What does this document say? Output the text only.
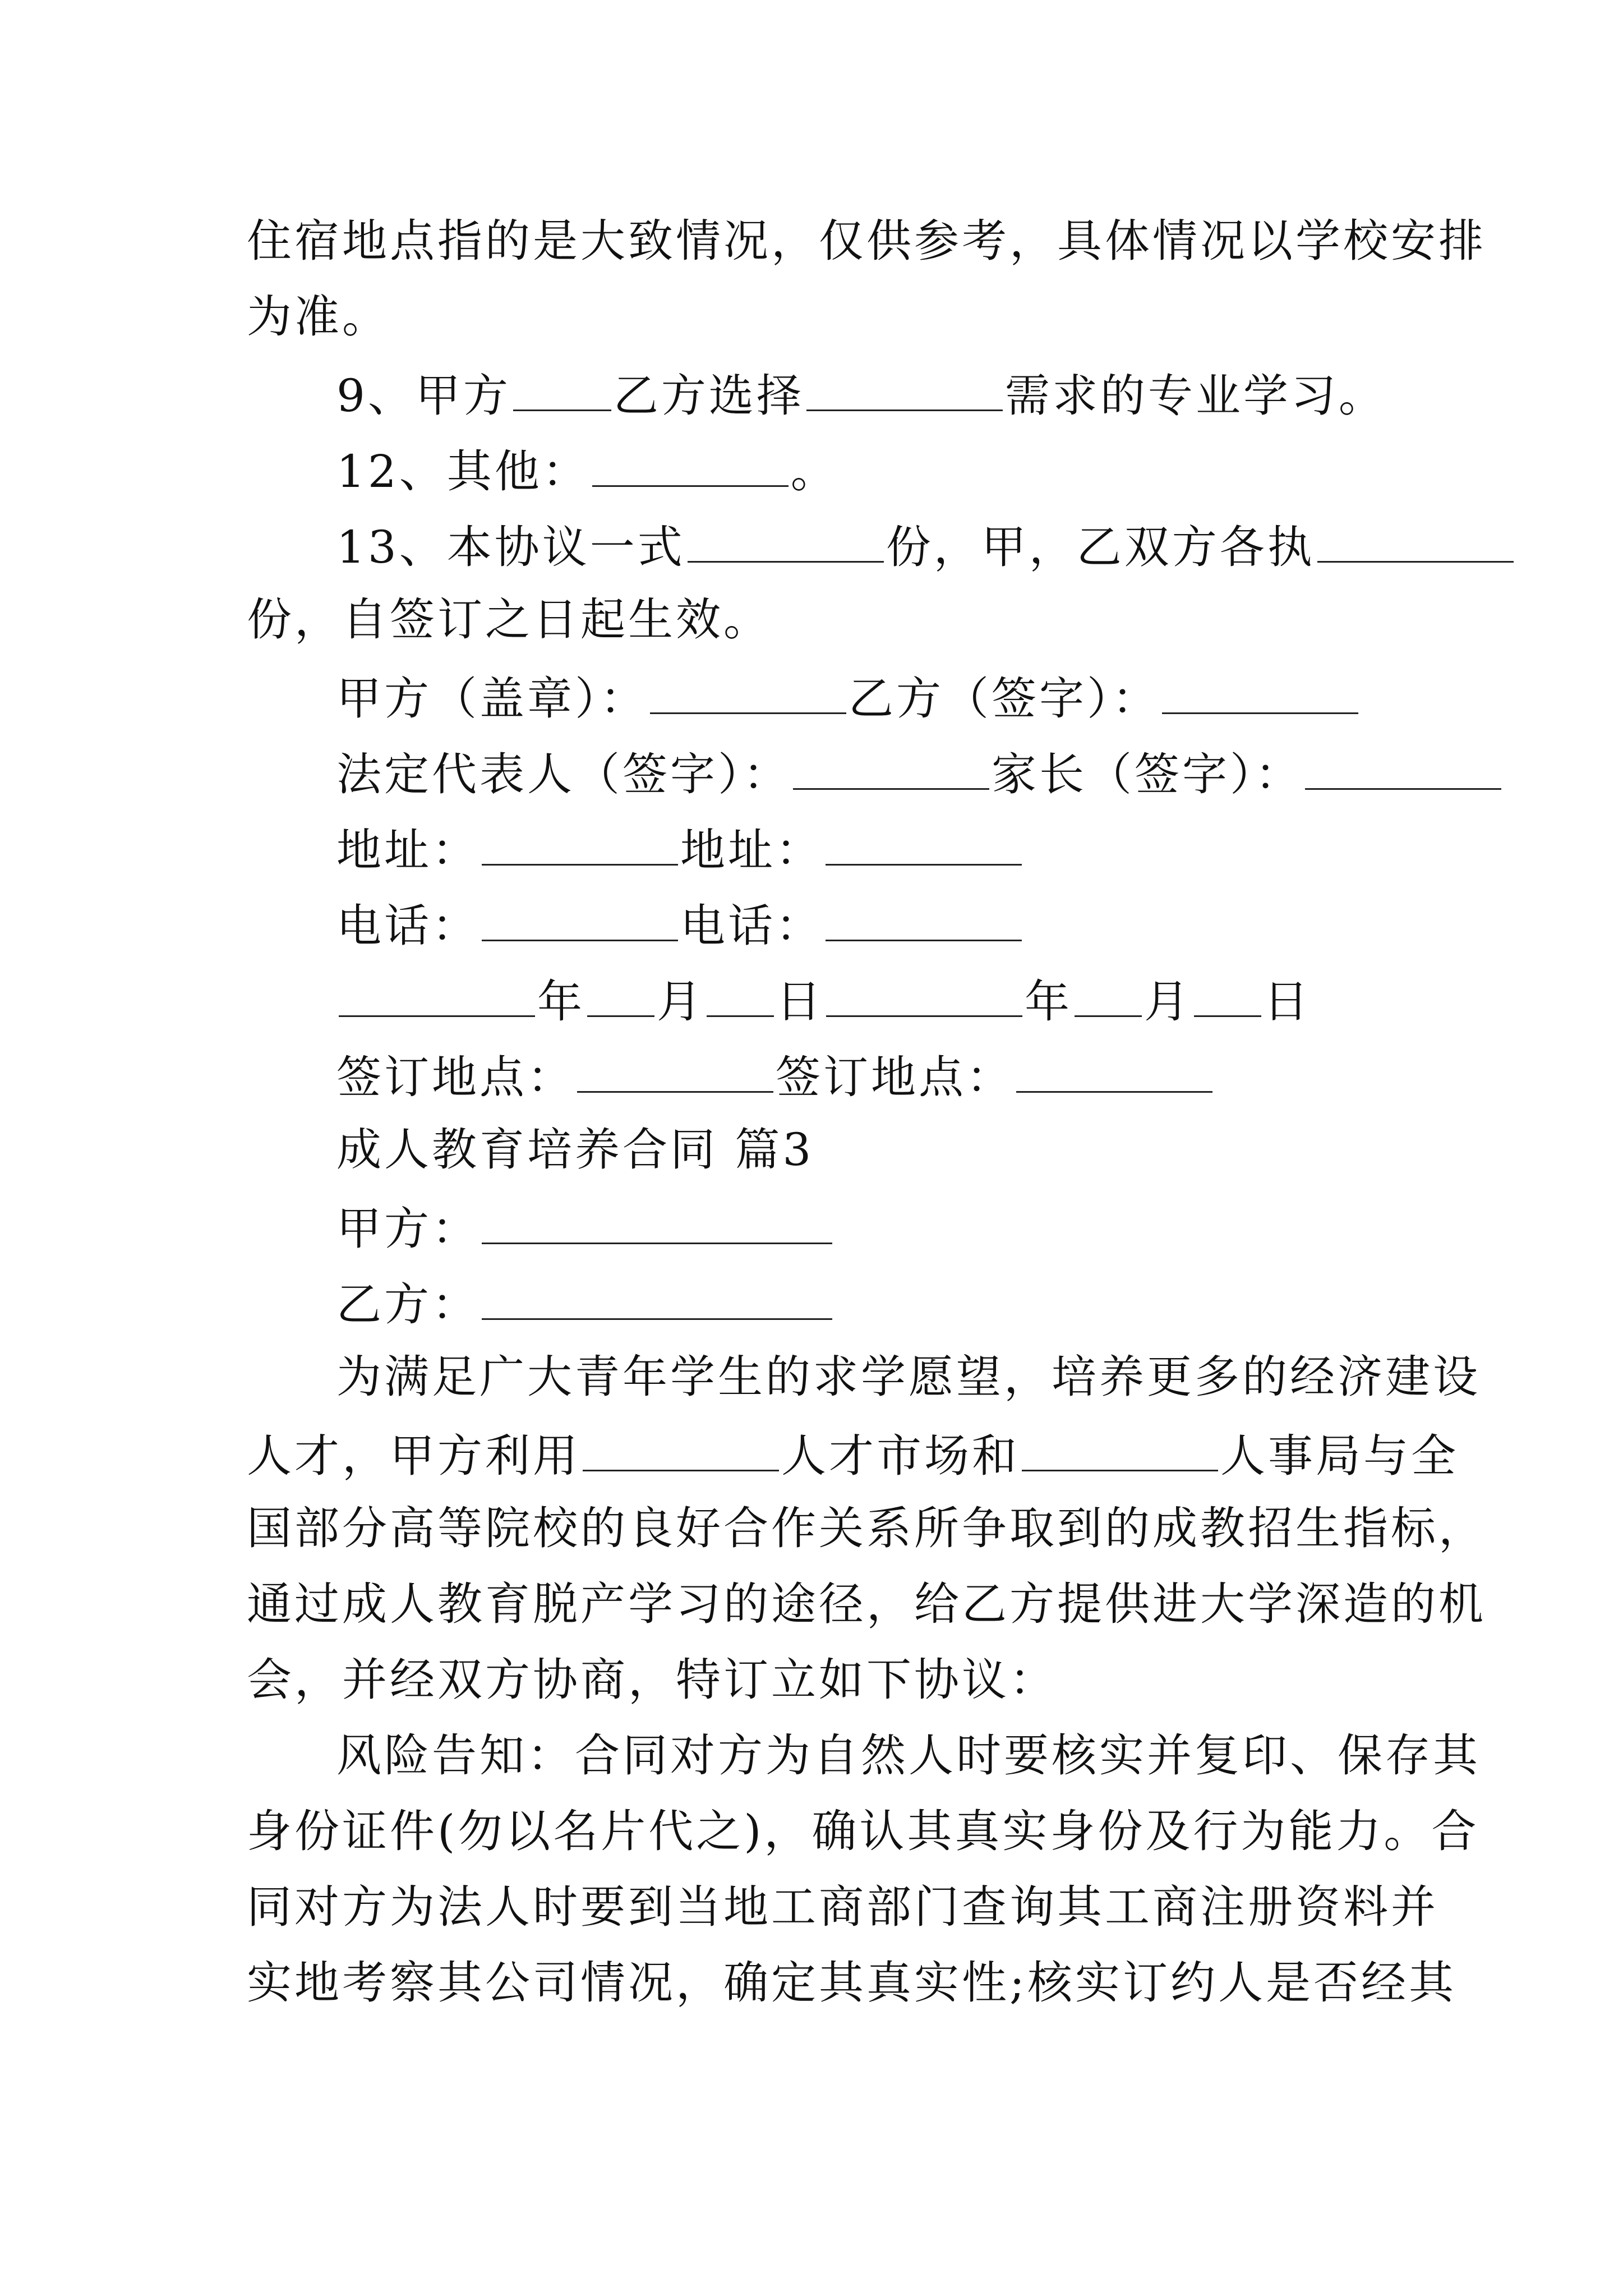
住宿地点指的是大致情况，仅供参考，具体情况以学校安排
为准。
9、甲方 乙方选择	需求的专业学习。
12、其他：	。
13、本协议一式	份，甲，乙双方各执
份，自签订之日起生效。
甲方（盖章）：	乙方（签字）：
法定代表人（签字）：	家长（签字）：
地址：	地址：
电话：	电话：
年 月 日	年 月 日
签订地点：	签订地点：
成人教育培养合同 篇3
甲方：
乙方：
为满足广大青年学生的求学愿望，培养更多的经济建设
人才，甲方利用	人才市场和	人事局与全
国部分高等院校的良好合作关系所争取到的成教招生指标，
通过成人教育脱产学习的途径，给乙方提供进大学深造的机
会，并经双方协商，特订立如下协议：
风险告知：合同对方为自然人时要核实并复印、保存其
身份证件(勿以名片代之)，确认其真实身份及行为能力。合
同对方为法人时要到当地工商部门查询其工商注册资料并
实地考察其公司情况，确定其真实性;核实订约人是否经其
